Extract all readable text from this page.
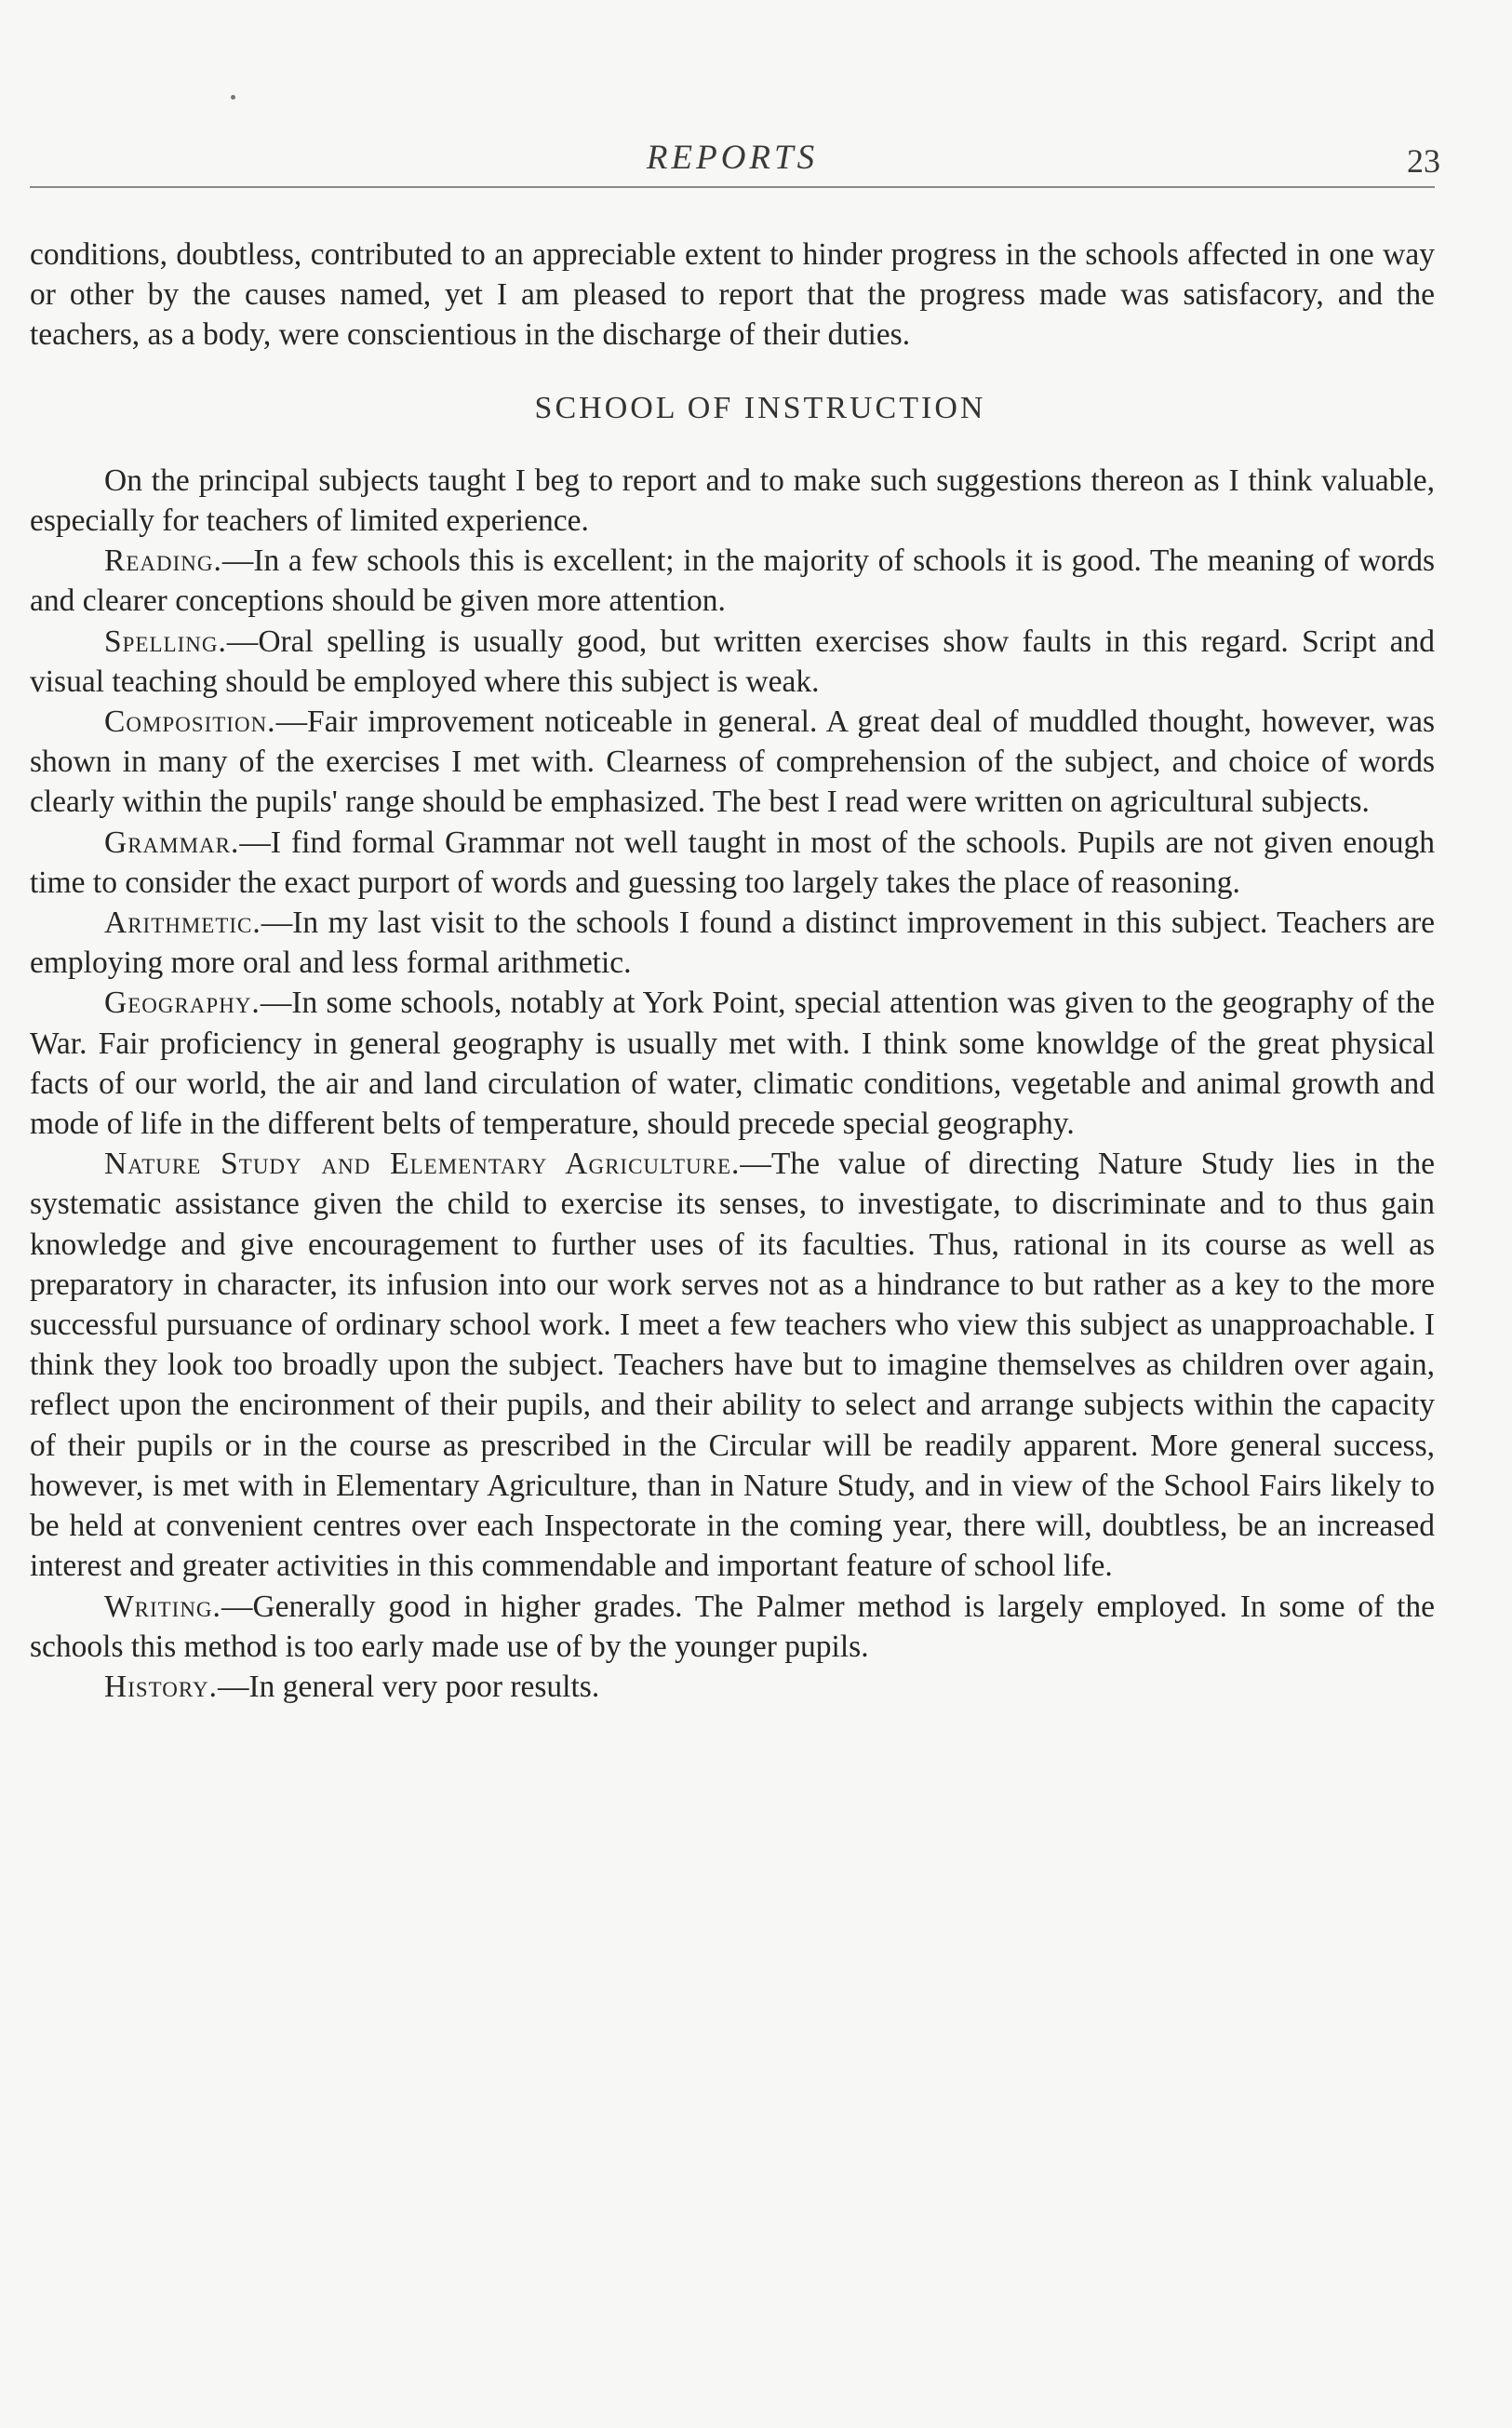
REPORTS	23

conditions, doubtless, contributed to an appreciable extent to hinder progress in the schools affected in one way or other by the causes named, yet I am pleased to report that the progress made was satisfacory, and the teachers, as a body, were conscientious in the discharge of their duties.

SCHOOL OF INSTRUCTION

On the principal subjects taught I beg to report and to make such suggestions thereon as I think valuable, especially for teachers of limited experience.

Reading.—In a few schools this is excellent; in the majority of schools it is good. The meaning of words and clearer conceptions should be given more attention.

Spelling.—Oral spelling is usually good, but written exercises show faults in this regard. Script and visual teaching should be employed where this subject is weak.

Composition.—Fair improvement noticeable in general. A great deal of muddled thought, however, was shown in many of the exercises I met with. Clearness of comprehension of the subject, and choice of words clearly within the pupils' range should be emphasized. The best I read were written on agricultural subjects.

Grammar.—I find formal Grammar not well taught in most of the schools. Pupils are not given enough time to consider the exact purport of words and guessing too largely takes the place of reasoning.

Arithmetic.—In my last visit to the schools I found a distinct improvement in this subject. Teachers are employing more oral and less formal arithmetic.

Geography.—In some schools, notably at York Point, special attention was given to the geography of the War. Fair proficiency in general geography is usually met with. I think some knowldge of the great physical facts of our world, the air and land circulation of water, climatic conditions, vegetable and animal growth and mode of life in the different belts of temperature, should precede special geography.

Nature Study and Elementary Agriculture.—The value of directing Nature Study lies in the systematic assistance given the child to exercise its senses, to investigate, to discriminate and to thus gain knowledge and give encouragement to further uses of its faculties. Thus, rational in its course as well as preparatory in character, its infusion into our work serves not as a hindrance to but rather as a key to the more successful pursuance of ordinary school work. I meet a few teachers who view this subject as unapproachable. I think they look too broadly upon the subject. Teachers have but to imagine themselves as children over again, reflect upon the encironment of their pupils, and their ability to select and arrange subjects within the capacity of their pupils or in the course as prescribed in the Circular will be readily apparent. More general success, however, is met with in Elementary Agriculture, than in Nature Study, and in view of the School Fairs likely to be held at convenient centres over each Inspectorate in the coming year, there will, doubtless, be an increased interest and greater activities in this commendable and important feature of school life.

Writing.—Generally good in higher grades. The Palmer method is largely employed. In some of the schools this method is too early made use of by the younger pupils.

History.—In general very poor results.
